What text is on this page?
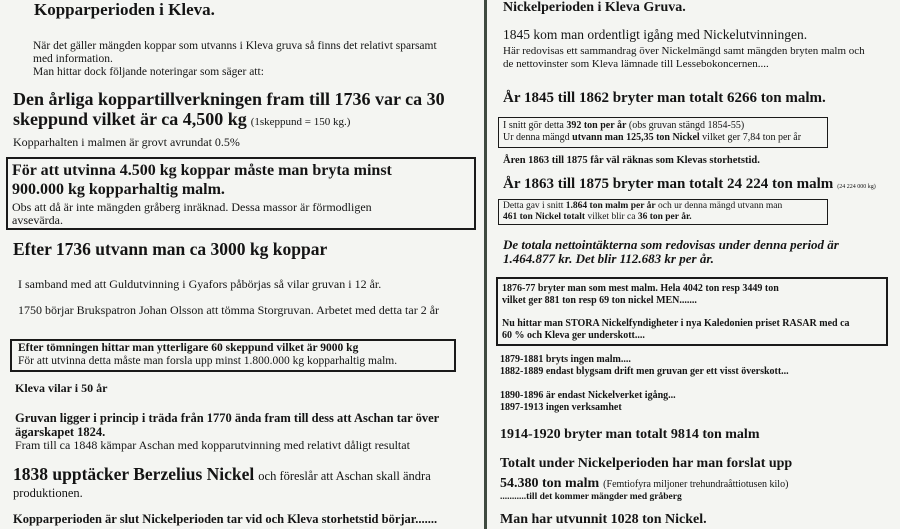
Kopparperioden i Kleva.
När det gäller mängden koppar som utvanns i Kleva gruva så finns det relativt sparsamt
med information.
Man hittar dock följande noteringar som säger att:
Den årliga koppartillverkningen fram till 1736 var ca 30
skeppund vilket är ca 4,500 kg (1skeppund = 150 kg.)
Kopparhalten i malmen är grovt avrundat 0.5%
För att utvinna 4.500 kg koppar måste man bryta minst
900.000 kg kopparhaltig malm.
Obs att då är inte mängden gråberg inräknad. Dessa massor är förmodligen
avsevärda.
Efter 1736 utvann man ca 3000 kg koppar
I samband med att Guldutvinning i Gyafors påbörjas så vilar gruvan i 12 år.
1750 börjar Brukspatron Johan Olsson att tömma Storgruvan. Arbetet med detta tar 2 år
Efter tömningen hittar man ytterligare 60 skeppund vilket är 9000 kg
För att utvinna detta måste man forsla upp minst 1.800.000 kg kopparhaltig malm.
Kleva vilar i 50 år
Gruvan ligger i princip i träda från 1770 ända fram till dess att Aschan tar över
ägarskapet 1824.
Fram till ca 1848 kämpar Aschan med kopparutvinning med relativt dåligt resultat
1838 upptäcker Berzelius Nickel och föreslår att Aschan skall ändra
produktionen.
Kopparperioden är slut Nickelperioden tar vid och Kleva storhetstid börjar.......
Nickelperioden i Kleva Gruva.
1845 kom man ordentligt igång med Nickelutvinningen.
Här redovisas ett sammandrag över Nickelmängd samt mängden bryten malm och
de nettovinster som Kleva lämnade till Lessebokoncernen....
År 1845 till 1862 bryter man totalt 6266 ton malm.
I snitt gör detta 392 ton per år (obs gruvan stängd 1854-55)
Ur denna mängd utvann man 125,35 ton Nickel vilket ger 7,84 ton per år
Åren 1863 till 1875 får väl räknas som Klevas storhetstid.
År 1863 till 1875 bryter man totalt 24 224 ton malm (24 224 000 kg)
Detta gav i snitt 1.864 ton malm per år och ur denna mängd utvann man
461 ton Nickel totalt vilket blir ca 36 ton per år.
De totala nettointäkterna som redovisas under denna period är
1.464.877 kr. Det blir 112.683 kr per år.
1876-77 bryter man som mest malm. Hela 4042 ton resp 3449 ton
vilket ger 881 ton resp 69 ton nickel MEN.......
Nu hittar man STORA Nickelfyndigheter i nya Kaledonien priset RASAR med ca
60 % och Kleva ger underskott....
1879-1881 bryts ingen malm....
1882-1889 endast blygsam drift men gruvan ger ett visst överskott...
1890-1896 är endast Nickelverket igång...
1897-1913 ingen verksamhet
1914-1920 bryter man totalt 9814 ton malm
Totalt under Nickelperioden har man forslat upp
54.380 ton malm (Femtiofyra miljoner trehundraåttiotusen kilo)
...........till det kommer mängder med gråberg
Man har utvunnit 1028 ton Nickel.
